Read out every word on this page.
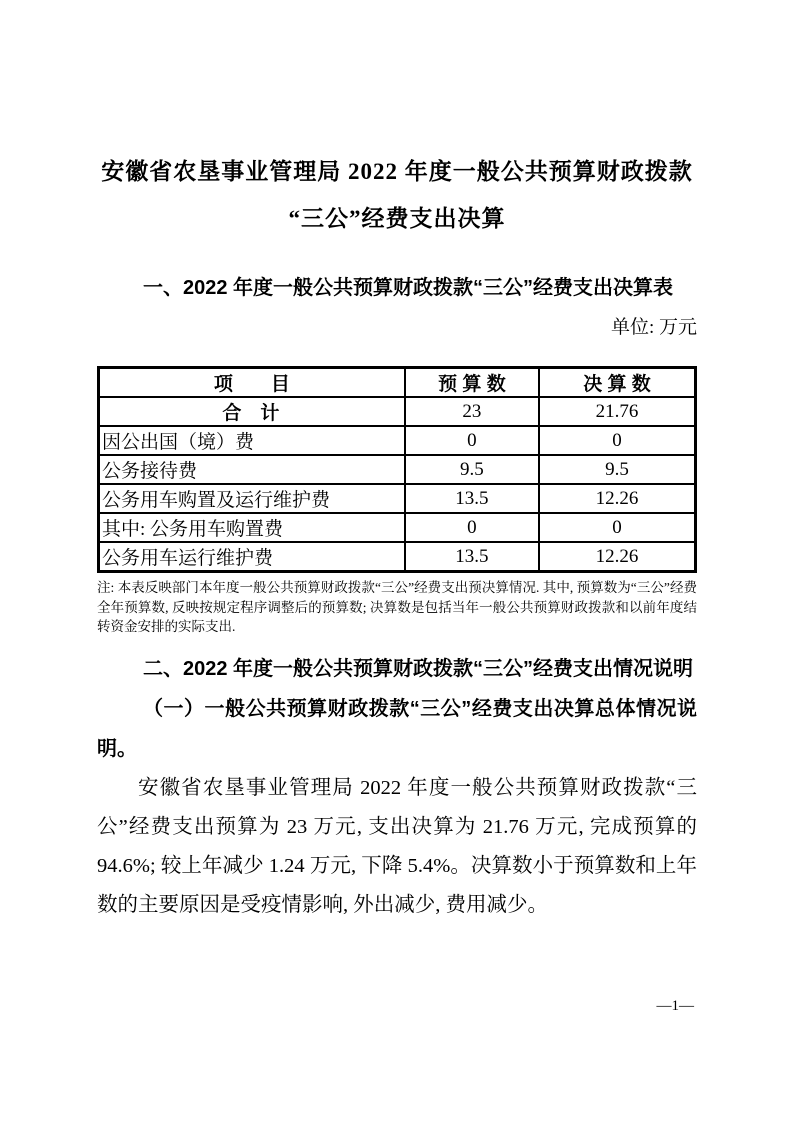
安徽省农垦事业管理局 2022 年度一般公共预算财政拨款
“三公”经费支出决算
一、2022 年度一般公共预算财政拨款“三公”经费支出决算表
单位: 万元
项　　目	预 算 数	决 算 数
合　计	23	21.76
因公出国（境）费	0	0
公务接待费	9.5	9.5
公务用车购置及运行维护费	13.5	12.26
其中: 公务用车购置费	0	0
公务用车运行维护费	13.5	12.26
注: 本表反映部门本年度一般公共预算财政拨款“三公”经费支出预决算情况. 其中, 预算数为“三公”经费全年预算数, 反映按规定程序调整后的预算数; 决算数是包括当年一般公共预算财政拨款和以前年度结转资金安排的实际支出.
二、2022 年度一般公共预算财政拨款“三公”经费支出情况说明
（一）一般公共预算财政拨款“三公”经费支出决算总体情况说明。
安徽省农垦事业管理局 2022 年度一般公共预算财政拨款“三公”经费支出预算为 23 万元, 支出决算为 21.76 万元, 完成预算的 94.6%; 较上年减少 1.24 万元, 下降 5.4%。决算数小于预算数和上年数的主要原因是受疫情影响, 外出减少, 费用减少。
—1—
